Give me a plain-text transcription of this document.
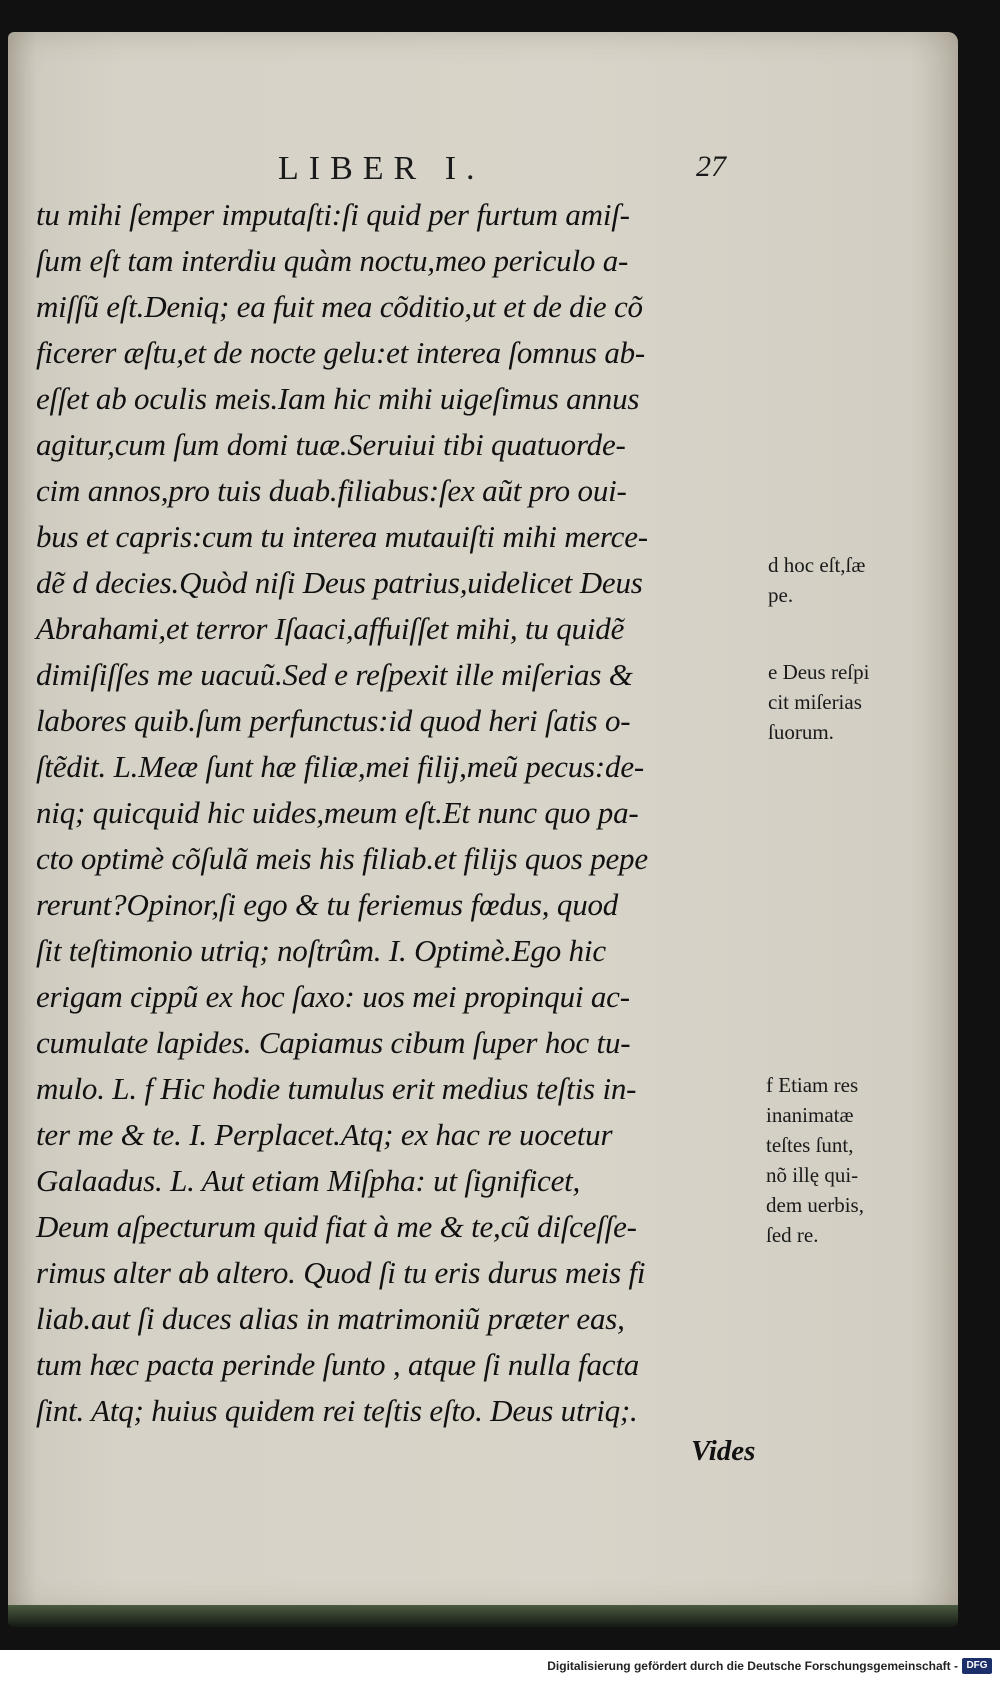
LIBER I.	27
tu mihi ſemper imputaſti:ſi quid per furtum amiſ-
ſum eſt tam interdiu quàm noctu,meo periculo a-
miſſũ eſt.Deniq; ea fuit mea cõditio,ut et de die cõ
ficerer æſtu,et de nocte gelu:et interea ſomnus ab-
eſſet ab oculis meis.Iam hic mihi uigeſimus annus
agitur,cum ſum domi tuæ.Seruiui tibi quatuorde-
cim annos,pro tuis duab.filiabus:ſex aũt pro oui-
bus et capris:cum tu interea mutauiſti mihi merce-
dẽ d decies.Quòd niſi Deus patrius,uidelicet Deus
Abrahami,et terror Iſaaci,affuiſſet mihi, tu quidẽ
dimiſiſſes me uacuũ.Sed e reſpexit ille miſerias &
labores quib.ſum perfunctus:id quod heri ſatis o-
ſtẽdit. L.Meæ ſunt hæ filiæ,mei filij,meũ pecus:de-
niq; quicquid hic uides,meum eſt.Et nunc quo pa-
cto optimè cõſulã meis his filiab.et filijs quos pepe
rerunt?Opinor,ſi ego & tu feriemus fœdus, quod
ſit teſtimonio utriq; noſtrûm. I. Optimè.Ego hic
erigam cippũ ex hoc ſaxo: uos mei propinqui ac-
cumulate lapides. Capiamus cibum ſuper hoc tu-
mulo. L. f Hic hodie tumulus erit medius teſtis in-
ter me & te. I. Perplacet.Atq; ex hac re uocetur
Galaadus. L. Aut etiam Miſpha: ut ſignificet,
Deum aſpecturum quid fiat à me & te,cũ diſceſſe-
rimus alter ab altero. Quod ſi tu eris durus meis fi
liab.aut ſi duces alias in matrimoniũ præter eas,
tum hæc pacta perinde ſunto , atque ſi nulla facta
ſint. Atq; huius quidem rei teſtis eſto. Deus utriq;.
Vides
d hoc eſt,ſæ
pe.
e Deus reſpi
cit miſerias
ſuorum.
f Etiam res
inanimatæ
teſtes ſunt,
nõ illę qui-
dem uerbis,
ſed re.
Digitalisierung gefördert durch die Deutsche Forschungsgemeinschaft - DFG
